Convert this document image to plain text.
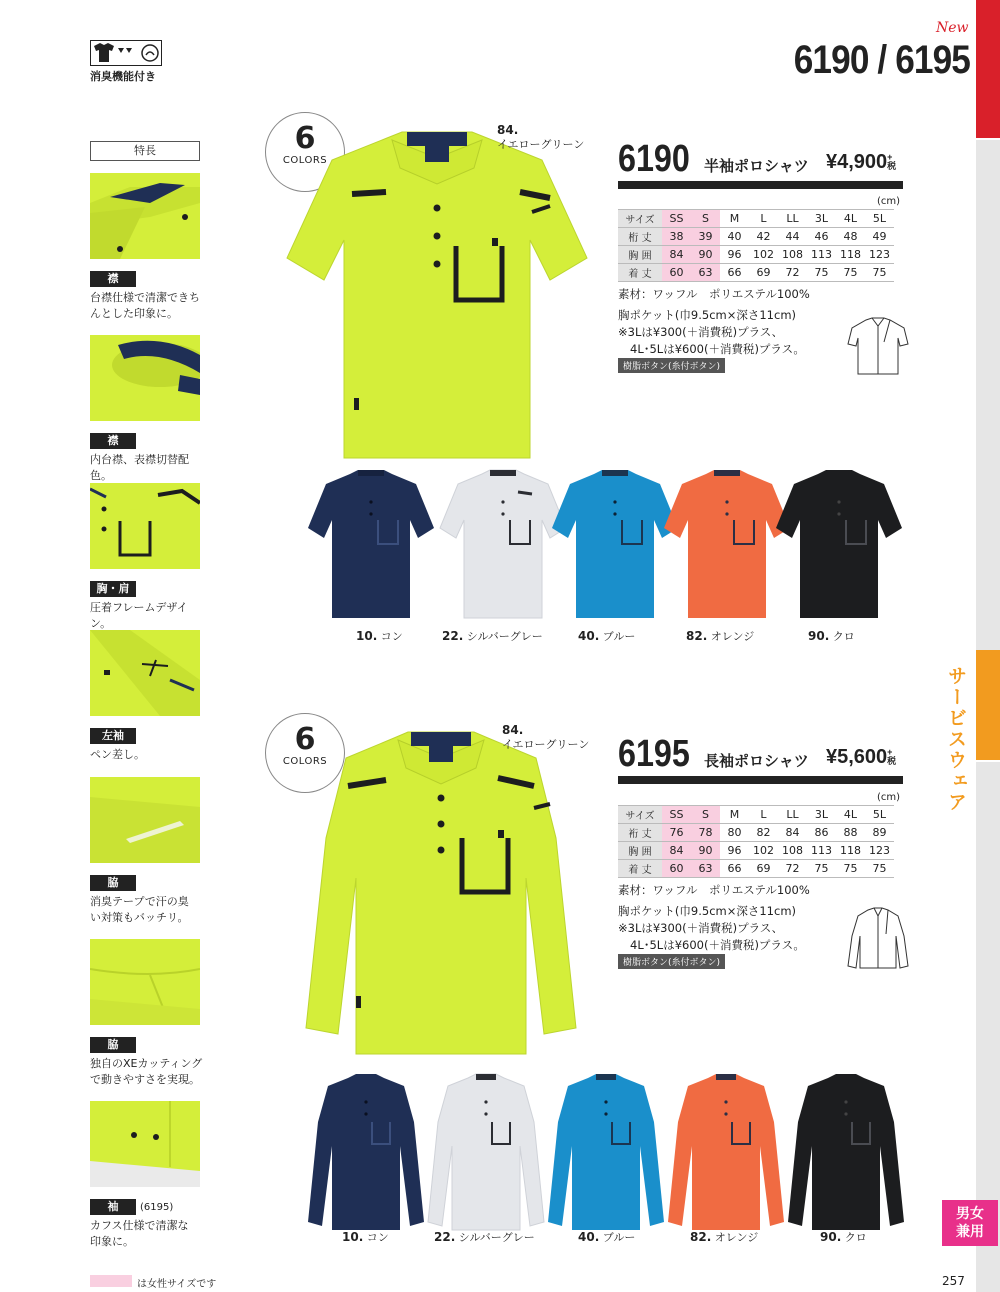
サービスウェア
男女
兼用
消臭機能付き
New
6190 / 6195
特長
襟
台襟仕様で清潔できち
んとした印象に。
襟
内台襟、表襟切替配色。
胸・肩
圧着フレームデザイン。
左袖
ペン差し。
脇
消臭テープで汗の臭
い対策もバッチリ。
脇
独自のXEカッティング
で動きやすさを実現。
袖 (6195)
カフス仕様で清潔な
印象に。
6
COLORS
84.
イエローグリーン 6190 半袖ポロシャツ ¥4,900+
税
(cm)
サイズ	SS	S	M	L	LL	3L	4L	5L
桁 丈	38	39	40	42	44	46	48	49
胸 囲	84	90	96	102	108	113	118	123
着 丈	60	63	66	69	72	75	75	75
素材：ワッフル　ポリエステル100%
胸ポケット(巾9.5cm×深さ11cm)
※3Lは¥300(＋消費税)プラス、
4L･5Lは¥600(＋消費税)プラス。
樹脂ボタン(糸付ボタン)
10. コン	22. シルバーグレー	40. ブルー	82. オレンジ	90. クロ
6
COLORS
84.
イエローグリーン 6195 長袖ポロシャツ ¥5,600+
税
(cm)
サイズ	SS	S	M	L	LL	3L	4L	5L
裄 丈	76	78	80	82	84	86	88	89
胸 囲	84	90	96	102	108	113	118	123
着 丈	60	63	66	69	72	75	75	75
素材：ワッフル　ポリエステル100%
胸ポケット(巾9.5cm×深さ11cm)
※3Lは¥300(＋消費税)プラス、
4L･5Lは¥600(＋消費税)プラス。
樹脂ボタン(糸付ボタン)
10. コン	22. シルバーグレー	40. ブルー	82. オレンジ	90. クロ
は女性サイズです	257
